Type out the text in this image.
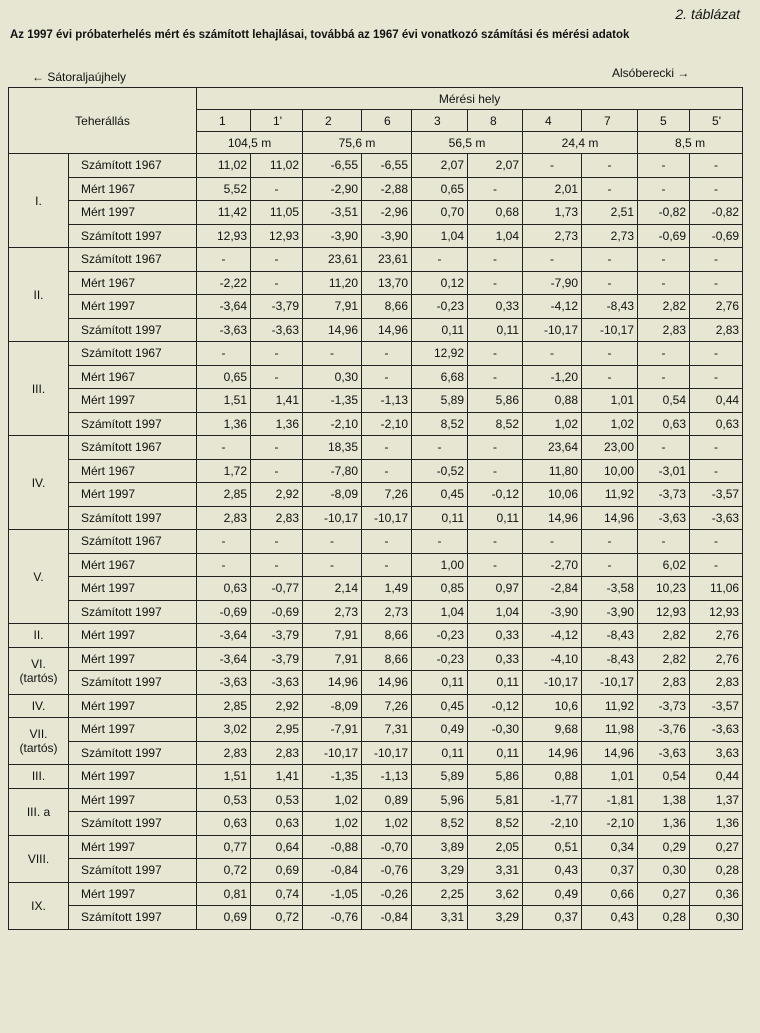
2. táblázat
Az 1997 évi próbaterhelés mért és számított lehajlásai, továbbá az 1967 évi vonatkozó számítási és mérési adatok
← Sátoraljaújhely	Alsóberecki →
Teherállás		Mérési hely									
		1	1'	2	6	3	8	4	7	5	5'
		104,5 m		75,6 m		56,5 m		24,4 m		8,5 m	
I.	Számított 1967	11,02	11,02	-6,55	-6,55	2,07	2,07	-	-	-	-
	Mért 1967	5,52	-	-2,90	-2,88	0,65	-	2,01	-	-	-
	Mért 1997	11,42	11,05	-3,51	-2,96	0,70	0,68	1,73	2,51	-0,82	-0,82
	Számított 1997	12,93	12,93	-3,90	-3,90	1,04	1,04	2,73	2,73	-0,69	-0,69
II.	Számított 1967	-	-	23,61	23,61	-	-	-	-	-	-
	Mért 1967	-2,22	-	11,20	13,70	0,12	-	-7,90	-	-	-
	Mért 1997	-3,64	-3,79	7,91	8,66	-0,23	0,33	-4,12	-8,43	2,82	2,76
	Számított 1997	-3,63	-3,63	14,96	14,96	0,11	0,11	-10,17	-10,17	2,83	2,83
III.	Számított 1967	-	-	-	-	12,92	-	-	-	-	-
	Mért 1967	0,65	-	0,30	-	6,68	-	-1,20	-	-	-
	Mért 1997	1,51	1,41	-1,35	-1,13	5,89	5,86	0,88	1,01	0,54	0,44
	Számított 1997	1,36	1,36	-2,10	-2,10	8,52	8,52	1,02	1,02	0,63	0,63
IV.	Számított 1967	-	-	18,35	-	-	-	23,64	23,00	-	-
	Mért 1967	1,72	-	-7,80	-	-0,52	-	11,80	10,00	-3,01	-
	Mért 1997	2,85	2,92	-8,09	7,26	0,45	-0,12	10,06	11,92	-3,73	-3,57
	Számított 1997	2,83	2,83	-10,17	-10,17	0,11	0,11	14,96	14,96	-3,63	-3,63
V.	Számított 1967	-	-	-	-	-	-	-	-	-	-
	Mért 1967	-	-	-	-	1,00	-	-2,70	-	6,02	-
	Mért 1997	0,63	-0,77	2,14	1,49	0,85	0,97	-2,84	-3,58	10,23	11,06
	Számított 1997	-0,69	-0,69	2,73	2,73	1,04	1,04	-3,90	-3,90	12,93	12,93
II.	Mért 1997	-3,64	-3,79	7,91	8,66	-0,23	0,33	-4,12	-8,43	2,82	2,76
VI.
(tartós)	Mért 1997	-3,64	-3,79	7,91	8,66	-0,23	0,33	-4,10	-8,43	2,82	2,76
	Számított 1997	-3,63	-3,63	14,96	14,96	0,11	0,11	-10,17	-10,17	2,83	2,83
IV.	Mért 1997	2,85	2,92	-8,09	7,26	0,45	-0,12	10,6	11,92	-3,73	-3,57
VII.
(tartós)	Mért 1997	3,02	2,95	-7,91	7,31	0,49	-0,30	9,68	11,98	-3,76	-3,63
	Számított 1997	2,83	2,83	-10,17	-10,17	0,11	0,11	14,96	14,96	-3,63	3,63
III.	Mért 1997	1,51	1,41	-1,35	-1,13	5,89	5,86	0,88	1,01	0,54	0,44
III. a	Mért 1997	0,53	0,53	1,02	0,89	5,96	5,81	-1,77	-1,81	1,38	1,37
	Számított 1997	0,63	0,63	1,02	1,02	8,52	8,52	-2,10	-2,10	1,36	1,36
VIII.	Mért 1997	0,77	0,64	-0,88	-0,70	3,89	2,05	0,51	0,34	0,29	0,27
	Számított 1997	0,72	0,69	-0,84	-0,76	3,29	3,31	0,43	0,37	0,30	0,28
IX.	Mért 1997	0,81	0,74	-1,05	-0,26	2,25	3,62	0,49	0,66	0,27	0,36
	Számított 1997	0,69	0,72	-0,76	-0,84	3,31	3,29	0,37	0,43	0,28	0,30
